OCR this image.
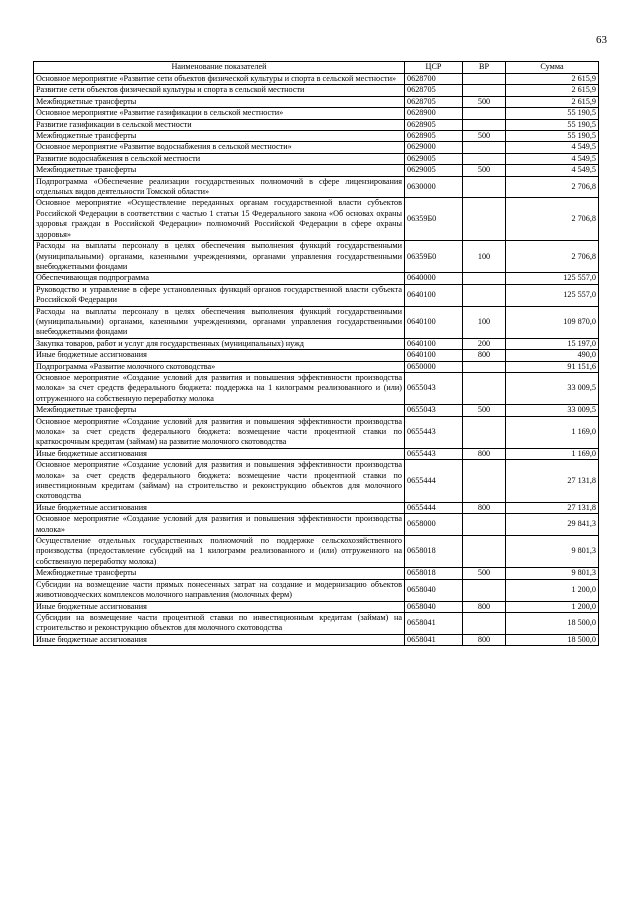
63
Наименование показателей	ЦСР	ВР	Сумма
Основное мероприятие «Развитие сети объектов физической культуры и спорта в сельской местности»	0628700		2 615,9
Развитие сети объектов физической культуры и спорта в сельской местности	0628705		2 615,9
Межбюджетные трансферты	0628705	500	2 615,9
Основное мероприятие «Развитие газификации в сельской местности»	0628900		55 190,5
Развитие газификации в сельской местности	0628905		55 190,5
Межбюджетные трансферты	0628905	500	55 190,5
Основное мероприятие «Развитие водоснабжения в сельской местности»	0629000		4 549,5
Развитие водоснабжения в сельской местности	0629005		4 549,5
Межбюджетные трансферты	0629005	500	4 549,5
Подпрограмма «Обеспечение реализации государственных полномочий в сфере лицензирования отдельных видов деятельности Томской области»	0630000		2 706,8
Основное мероприятие «Осуществление переданных органам государственной власти субъектов Российской Федерации в соответствии с частью 1 статьи 15 Федерального закона «Об основах охраны здоровья граждан в Российской Федерации» полномочий Российской Федерации в сфере охраны здоровья»	06359Б0		2 706,8
Расходы на выплаты персоналу в целях обеспечения выполнения функций государственными (муниципальными) органами, казенными учреждениями, органами управления государственными внебюджетными фондами	06359Б0	100	2 706,8
Обеспечивающая подпрограмма	0640000		125 557,0
Руководство и управление в сфере установленных функций органов государственной власти субъекта Российской Федерации	0640100		125 557,0
Расходы на выплаты персоналу в целях обеспечения выполнения функций государственными (муниципальными) органами, казенными учреждениями, органами управления государственными внебюджетными фондами	0640100	100	109 870,0
Закупка товаров, работ и услуг для государственных (муниципальных) нужд	0640100	200	15 197,0
Иные бюджетные ассигнования	0640100	800	490,0
Подпрограмма «Развитие молочного скотоводства»	0650000		91 151,6
Основное мероприятие «Создание условий для развития и повышения эффективности производства молока» за счет средств федерального бюджета: поддержка на 1 килограмм реализованного и (или) отгруженного на собственную переработку молока	0655043		33 009,5
Межбюджетные трансферты	0655043	500	33 009,5
Основное мероприятие «Создание условий для развития и повышения эффективности производства молока» за счет средств федерального бюджета: возмещение части процентной ставки по краткосрочным кредитам (займам) на развитие молочного скотоводства	0655443		1 169,0
Иные бюджетные ассигнования	0655443	800	1 169,0
Основное мероприятие «Создание условий для развития и повышения эффективности производства молока» за счет средств федерального бюджета: возмещение части процентной ставки по инвестиционным кредитам (займам) на строительство и реконструкцию объектов для молочного скотоводства	0655444		27 131,8
Иные бюджетные ассигнования	0655444	800	27 131,8
Основное мероприятие «Создание условий для развития и повышения эффективности производства молока»	0658000		29 841,3
Осуществление отдельных государственных полномочий по поддержке сельскохозяйственного производства (предоставление субсидий на 1 килограмм реализованного и (или) отгруженного на собственную переработку молока)	0658018		9 801,3
Межбюджетные трансферты	0658018	500	9 801,3
Субсидии на возмещение части прямых понесенных затрат на создание и модернизацию объектов животноводческих комплексов молочного направления (молочных ферм)	0658040		1 200,0
Иные бюджетные ассигнования	0658040	800	1 200,0
Субсидии на возмещение части процентной ставки по инвестиционным кредитам (займам) на строительство и реконструкцию объектов для молочного скотоводства	0658041		18 500,0
Иные бюджетные ассигнования	0658041	800	18 500,0
